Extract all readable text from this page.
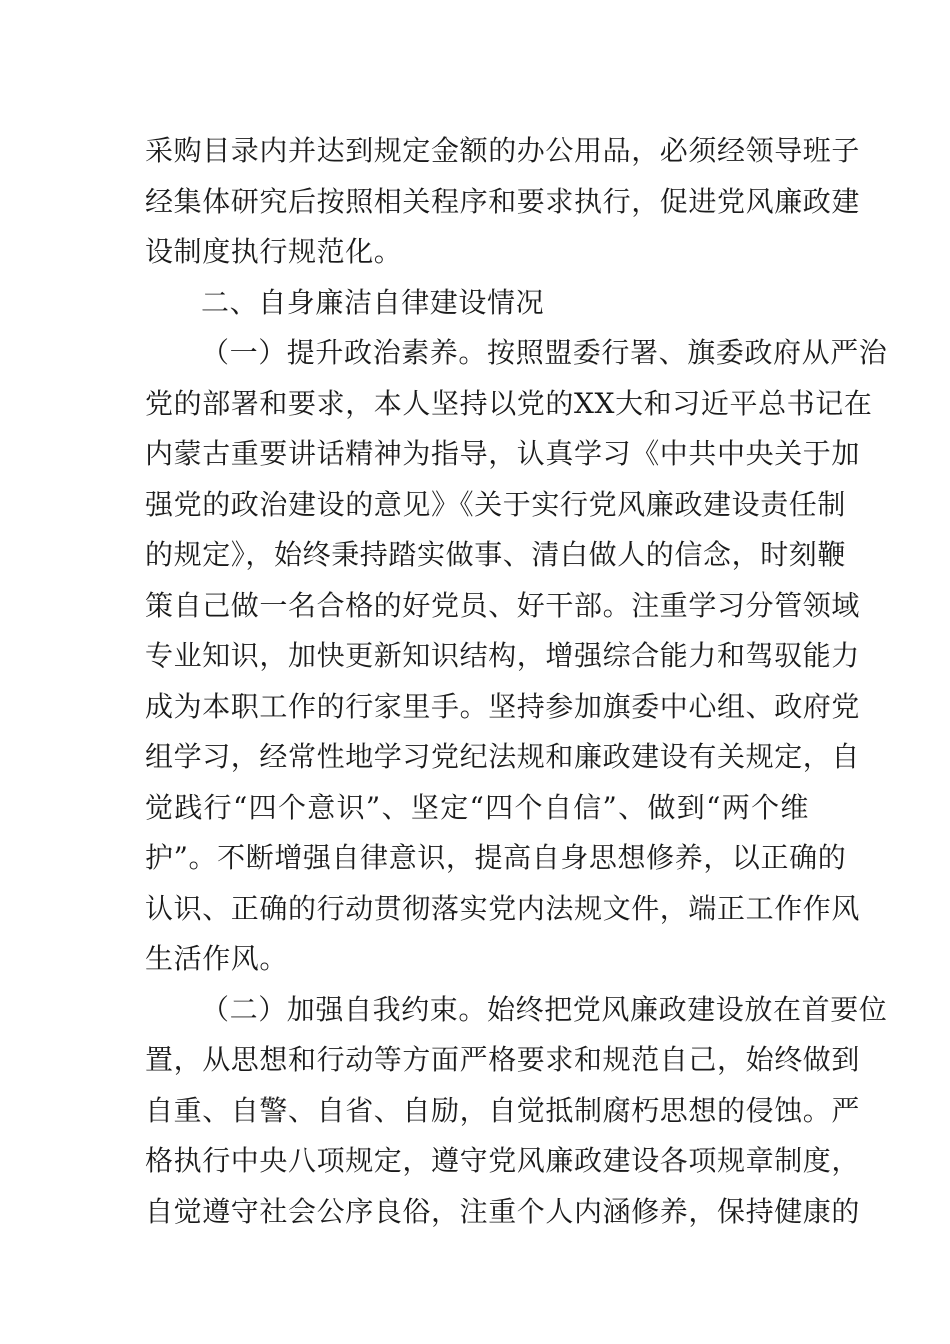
采购目录内并达到规定金额的办公用品，必须经领导班子
经集体研究后按照相关程序和要求执行，促进党风廉政建
设制度执行规范化。
二、自身廉洁自律建设情况
（一）提升政治素养。按照盟委行署、旗委政府从严治
党的部署和要求，本人坚持以党的XX大和习近平总书记在
内蒙古重要讲话精神为指导，认真学习《中共中央关于加
强党的政治建设的意见》《关于实行党风廉政建设责任制
的规定》，始终秉持踏实做事、清白做人的信念，时刻鞭
策自己做一名合格的好党员、好干部。注重学习分管领域
专业知识，加快更新知识结构，增强综合能力和驾驭能力
成为本职工作的行家里手。坚持参加旗委中心组、政府党
组学习，经常性地学习党纪法规和廉政建设有关规定，自
觉践行“四个意识”、坚定“四个自信”、做到“两个维
护”。不断增强自律意识，提高自身思想修养，以正确的
认识、正确的行动贯彻落实党内法规文件，端正工作作风
生活作风。
（二）加强自我约束。始终把党风廉政建设放在首要位
置，从思想和行动等方面严格要求和规范自己，始终做到
自重、自警、自省、自励，自觉抵制腐朽思想的侵蚀。严
格执行中央八项规定，遵守党风廉政建设各项规章制度，
自觉遵守社会公序良俗，注重个人内涵修养，保持健康的
